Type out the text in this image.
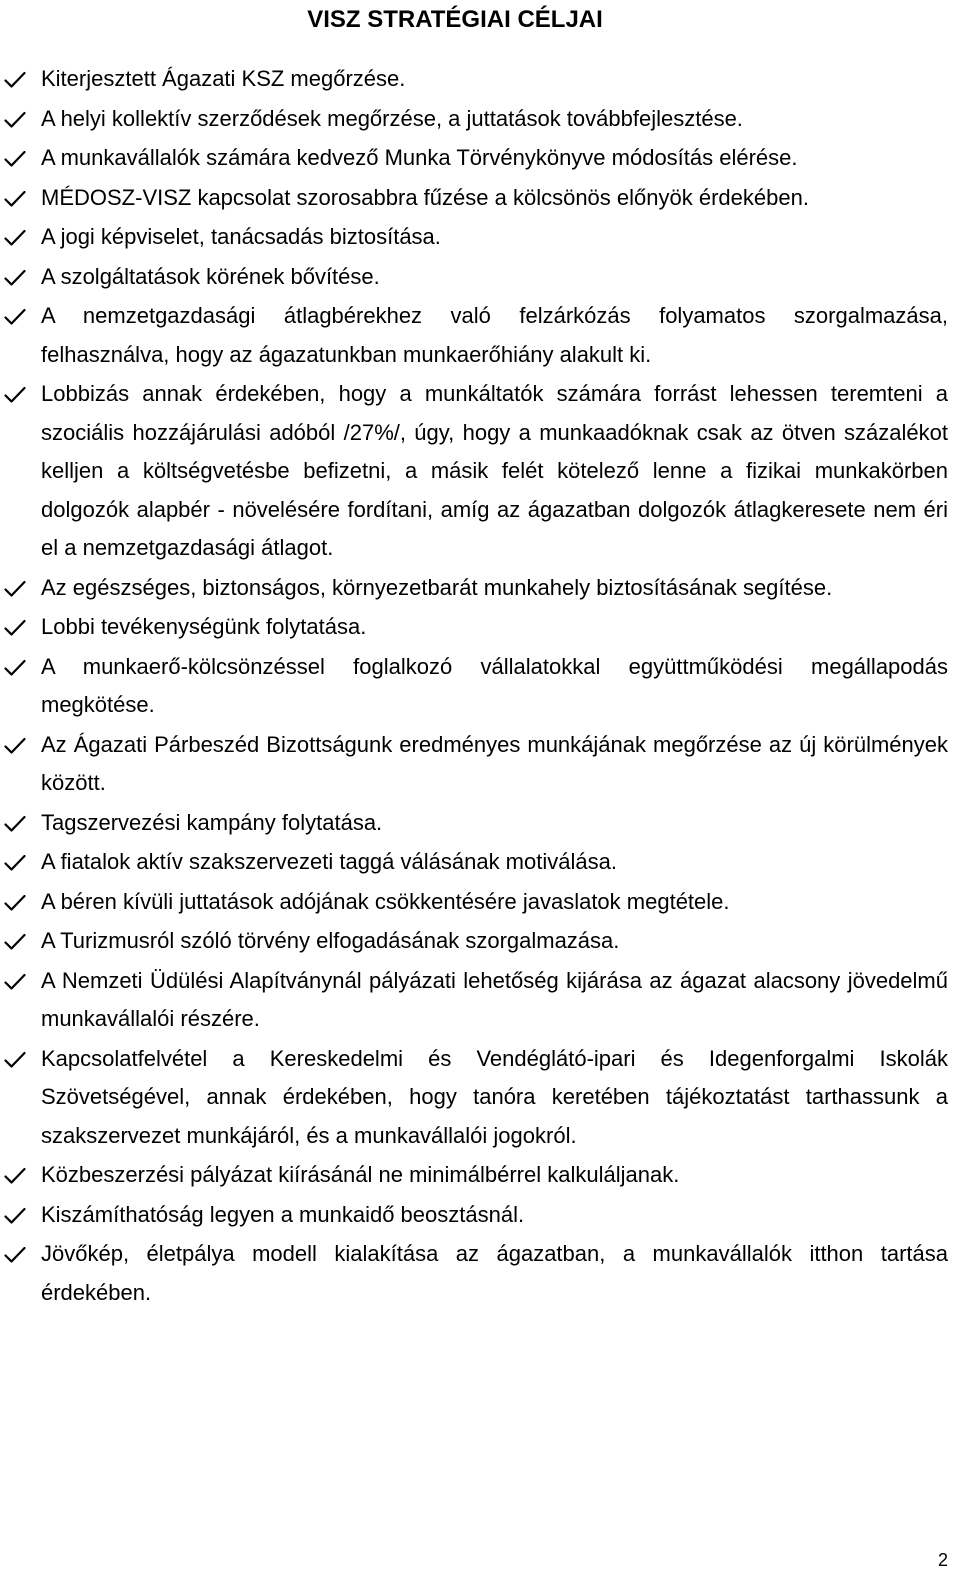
VISZ STRATÉGIAI CÉLJAI
Kiterjesztett Ágazati KSZ megőrzése.
A helyi kollektív szerződések megőrzése, a juttatások továbbfejlesztése.
A munkavállalók számára kedvező Munka Törvénykönyve módosítás elérése.
MÉDOSZ-VISZ kapcsolat szorosabbra fűzése a kölcsönös előnyök érdekében.
A jogi képviselet, tanácsadás biztosítása.
A szolgáltatások körének bővítése.
A nemzetgazdasági átlagbérekhez való felzárkózás folyamatos szorgalmazása, felhasználva, hogy az ágazatunkban munkaerőhiány alakult ki.
Lobbizás annak érdekében, hogy a munkáltatók számára forrást lehessen teremteni a szociális hozzájárulási adóból /27%/, úgy, hogy a munkaadóknak csak az ötven százalékot kelljen a költségvetésbe befizetni, a másik felét kötelező lenne a fizikai munkakörben dolgozók alapbér - növelésére fordítani, amíg az ágazatban dolgozók átlagkeresete nem éri el a nemzetgazdasági átlagot.
Az egészséges, biztonságos, környezetbarát munkahely biztosításának segítése.
Lobbi tevékenységünk folytatása.
A munkaerő-kölcsönzéssel foglalkozó vállalatokkal együttműködési megállapodás megkötése.
Az Ágazati Párbeszéd Bizottságunk eredményes munkájának megőrzése az új körülmények között.
Tagszervezési kampány folytatása.
A fiatalok aktív szakszervezeti taggá válásának motiválása.
A béren kívüli juttatások adójának csökkentésére javaslatok megtétele.
A Turizmusról szóló törvény elfogadásának szorgalmazása.
A Nemzeti Üdülési Alapítványnál pályázati lehetőség kijárása az ágazat alacsony jövedelmű munkavállalói részére.
Kapcsolatfelvétel a Kereskedelmi és Vendéglátó-ipari és Idegenforgalmi Iskolák Szövetségével, annak érdekében, hogy tanóra keretében tájékoztatást tarthassunk a szakszervezet munkájáról, és a munkavállalói jogokról.
Közbeszerzési pályázat kiírásánál ne minimálbérrel kalkuláljanak.
Kiszámíthatóság legyen a munkaidő beosztásnál.
Jövőkép, életpálya modell kialakítása az ágazatban, a munkavállalók itthon tartása érdekében.
2
